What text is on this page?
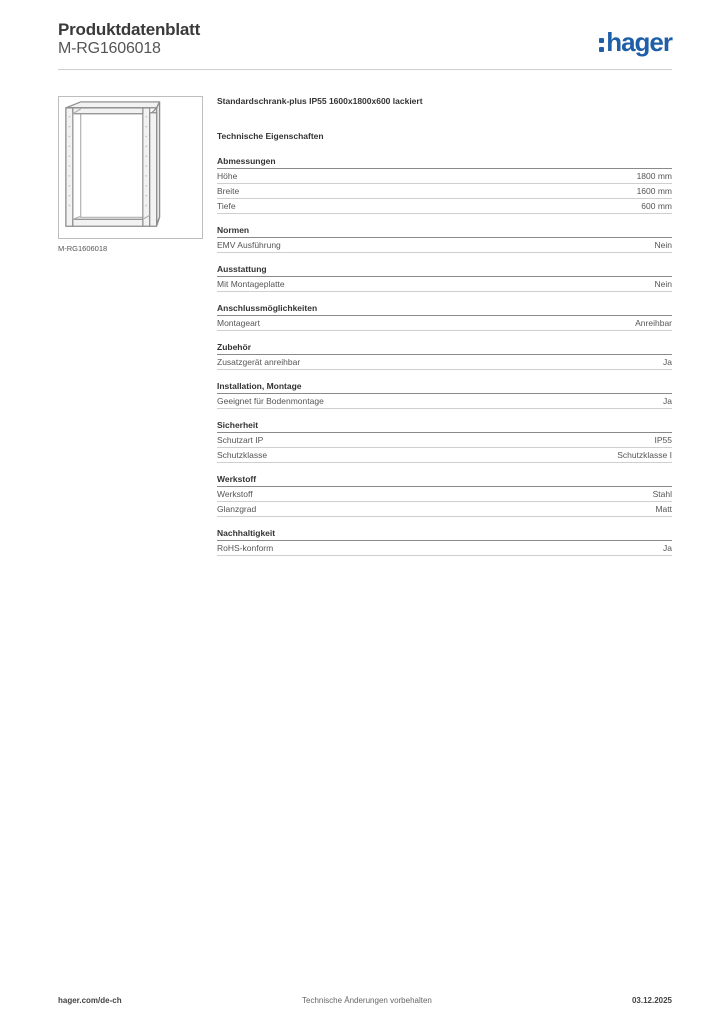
Produktdatenblatt
M-RG1606018	hager
M-RG1606018
Standardschrank-plus IP55 1600x1800x600 lackiert
Technische Eigenschaften
Abmessungen
Höhe	1800 mm
Breite	1600 mm
Tiefe	600 mm
Normen
EMV Ausführung	Nein
Ausstattung
Mit Montageplatte	Nein
Anschlussmöglichkeiten
Montageart	Anreihbar
Zubehör
Zusatzgerät anreihbar	Ja
Installation, Montage
Geeignet für Bodenmontage	Ja
Sicherheit
Schutzart IP	IP55
Schutzklasse	Schutzklasse I
Werkstoff
Werkstoff	Stahl
Glanzgrad	Matt
Nachhaltigkeit
RoHS-konform	Ja
hager.com/de-ch	Technische Änderungen vorbehalten	03.12.2025
